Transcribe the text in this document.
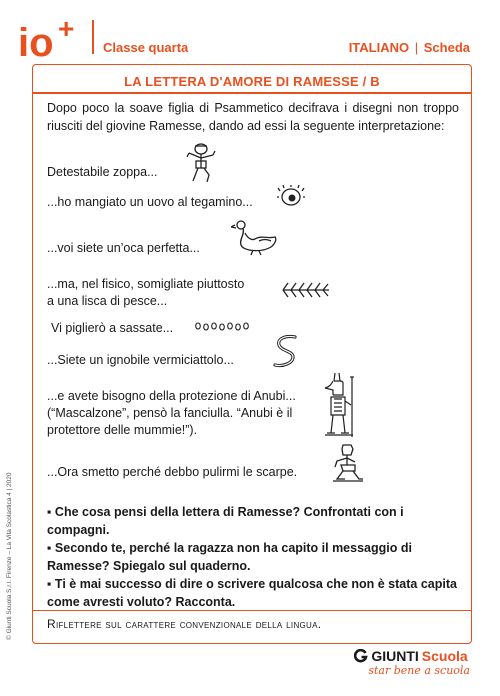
io +
Classe quarta	ITALIANO | Scheda
© Giunti Scuola S.r.l. Firenze – La Vita Scolastica 4 | 2020
LA LETTERA D'AMORE DI RAMESSE / B
Dopo poco la soave figlia di Psammetico decifrava i disegni non troppo riusciti del giovine Ramesse, dando ad essi la seguente interpretazione:
Detestabile zoppa...
...ho mangiato un uovo al tegamino...
...voi siete un’oca perfetta...
...ma, nel fisico, somigliate piuttosto
a una lisca di pesce...
Vi piglierò a sassate...
...Siete un ignobile vermiciattolo...
...e avete bisogno della protezione di Anubi...
(“Mascalzone”, pensò la fanciulla. “Anubi è il
protettore delle mummie!”).
...Ora smetto perché debbo pulirmi le scarpe.
▪ Che cosa pensi della lettera di Ramesse? Confrontati con i compagni.
▪ Secondo te, perché la ragazza non ha capito il messaggio di Ramesse? Spiegalo sul quaderno.
▪ Ti è mai successo di dire o scrivere qualcosa che non è stata capita come avresti voluto? Racconta.
Riflettere sul carattere convenzionale della lingua.
GIUNTI Scuola
star bene a scuola
